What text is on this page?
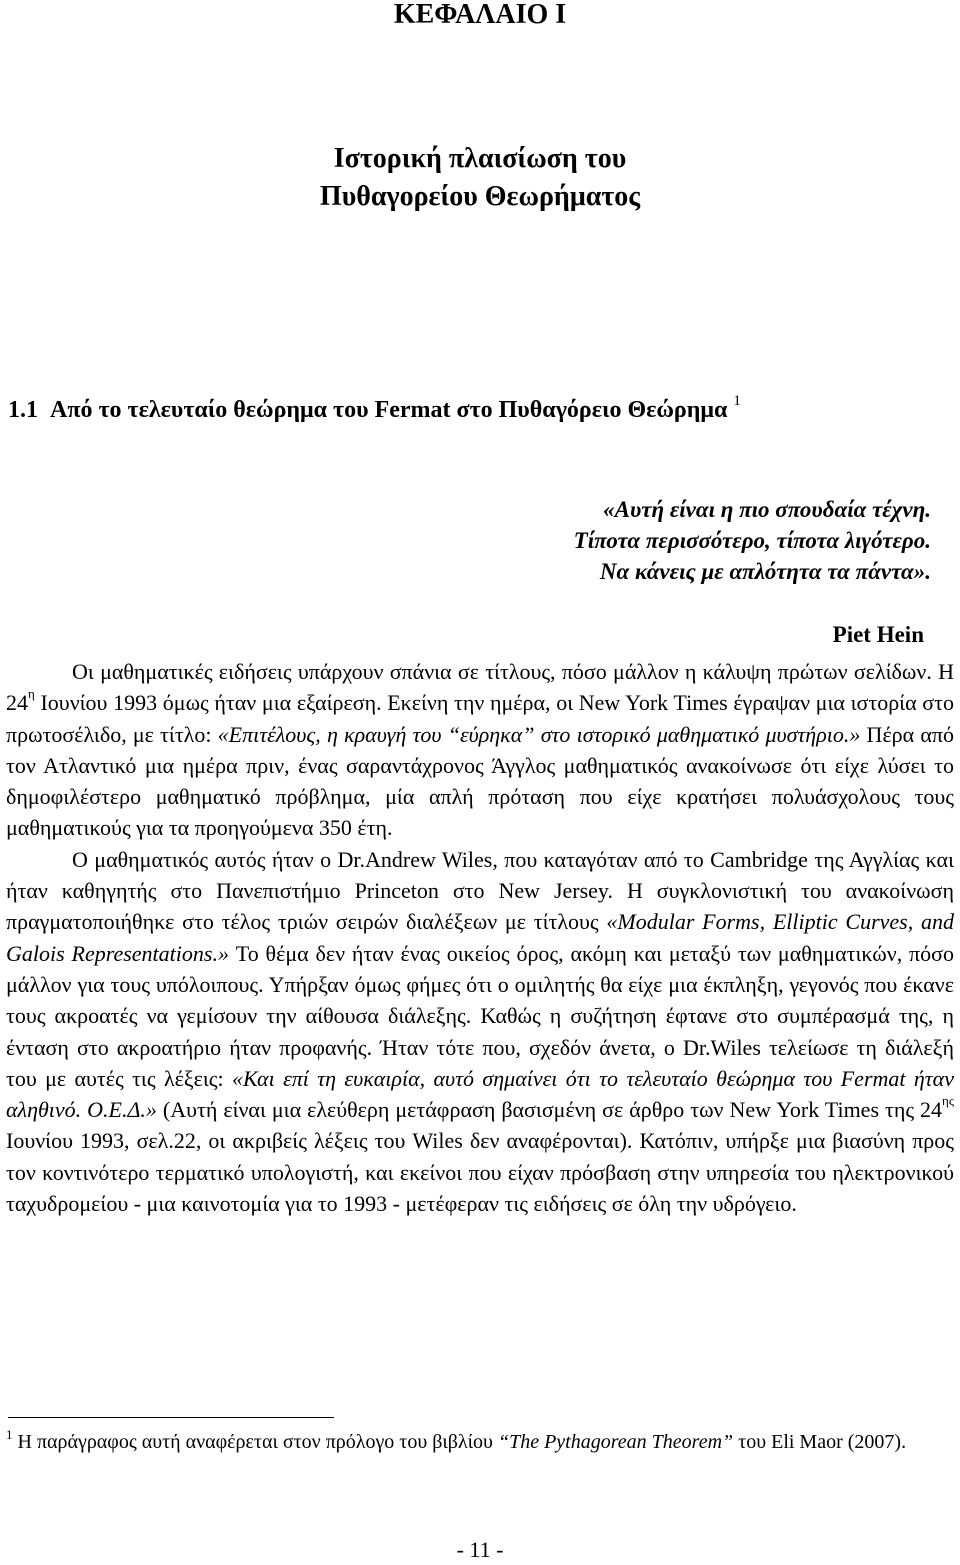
ΚΕΦΑΛΑΙΟ Ι
Ιστορική πλαισίωση του
Πυθαγορείου Θεωρήματος
1.1 Από το τελευταίο θεώρημα του Fermat στο Πυθαγόρειο Θεώρημα $^1$
«Αυτή είναι η πιο σπουδαία τέχνη.
Τίποτα περισσότερο, τίποτα λιγότερο.
Να κάνεις με απλότητα τα πάντα».
Piet Hein

Οι μαθηματικές ειδήσεις υπάρχουν σπάνια σε τίτλους, πόσο μάλλον η κάλυψη πρώτων σελίδων. Η $24^\eta$ Ιουνίου 1993 όμως ήταν μια εξαίρεση. Εκείνη την ημέρα, οι New York Times έγραψαν μια ιστορία στο πρωτοσέλιδο, με τίτλο: «Επιτέλους, η κραυγή του “εύρηκα” στο ιστορικό μαθηματικό μυστήριο.» Πέρα από τον Ατλαντικό μια ημέρα πριν, ένας σαραντάχρονος Άγγλος μαθηματικός ανακοίνωσε ότι είχε λύσει το δημοφιλέστερο μαθηματικό πρόβλημα, μία απλή πρόταση που είχε κρατήσει πολυάσχολους τους μαθηματικούς για τα προηγούμενα 350 έτη.

Ο μαθηματικός αυτός ήταν ο Dr.Andrew Wiles, που καταγόταν από το Cambridge της Αγγλίας και ήταν καθηγητής στο Πανεπιστήμιο Princeton στο New Jersey. Η συγκλονιστική του ανακοίνωση πραγματοποιήθηκε στο τέλος τριών σειρών διαλέξεων με τίτλους «Modular Forms, Elliptic Curves, and Galois Representations.» Το θέμα δεν ήταν ένας οικείος όρος, ακόμη και μεταξύ των μαθηματικών, πόσο μάλλον για τους υπόλοιπους. Υπήρξαν όμως φήμες ότι ο ομιλητής θα είχε μια έκπληξη, γεγονός που έκανε τους ακροατές να γεμίσουν την αίθουσα διάλεξης. Καθώς η συζήτηση έφτανε στο συμπέρασμά της, η ένταση στο ακροατήριο ήταν προφανής. Ήταν τότε που, σχεδόν άνετα, ο Dr.Wiles τελείωσε τη διάλεξή του με αυτές τις λέξεις: «Και επί τη ευκαιρία, αυτό σημαίνει ότι το τελευταίο θεώρημα του Fermat ήταν αληθινό. Ο.Ε.Δ.» (Αυτή είναι μια ελεύθερη μετάφραση βασισμένη σε άρθρο των New York Times της $24^{\eta\varsigma}$ Ιουνίου 1993, σελ.22, οι ακριβείς λέξεις του Wiles δεν αναφέρονται). Κατόπιν, υπήρξε μια βιασύνη προς τον κοντινότερο τερματικό υπολογιστή, και εκείνοι που είχαν πρόσβαση στην υπηρεσία του ηλεκτρονικού ταχυδρομείου - μια καινοτομία για το 1993 - μετέφεραν τις ειδήσεις σε όλη την υδρόγειο.

$^1$ Η παράγραφος αυτή αναφέρεται στον πρόλογο του βιβλίου “The Pythagorean Theorem” του Eli Maor (2007).
- 11 -
